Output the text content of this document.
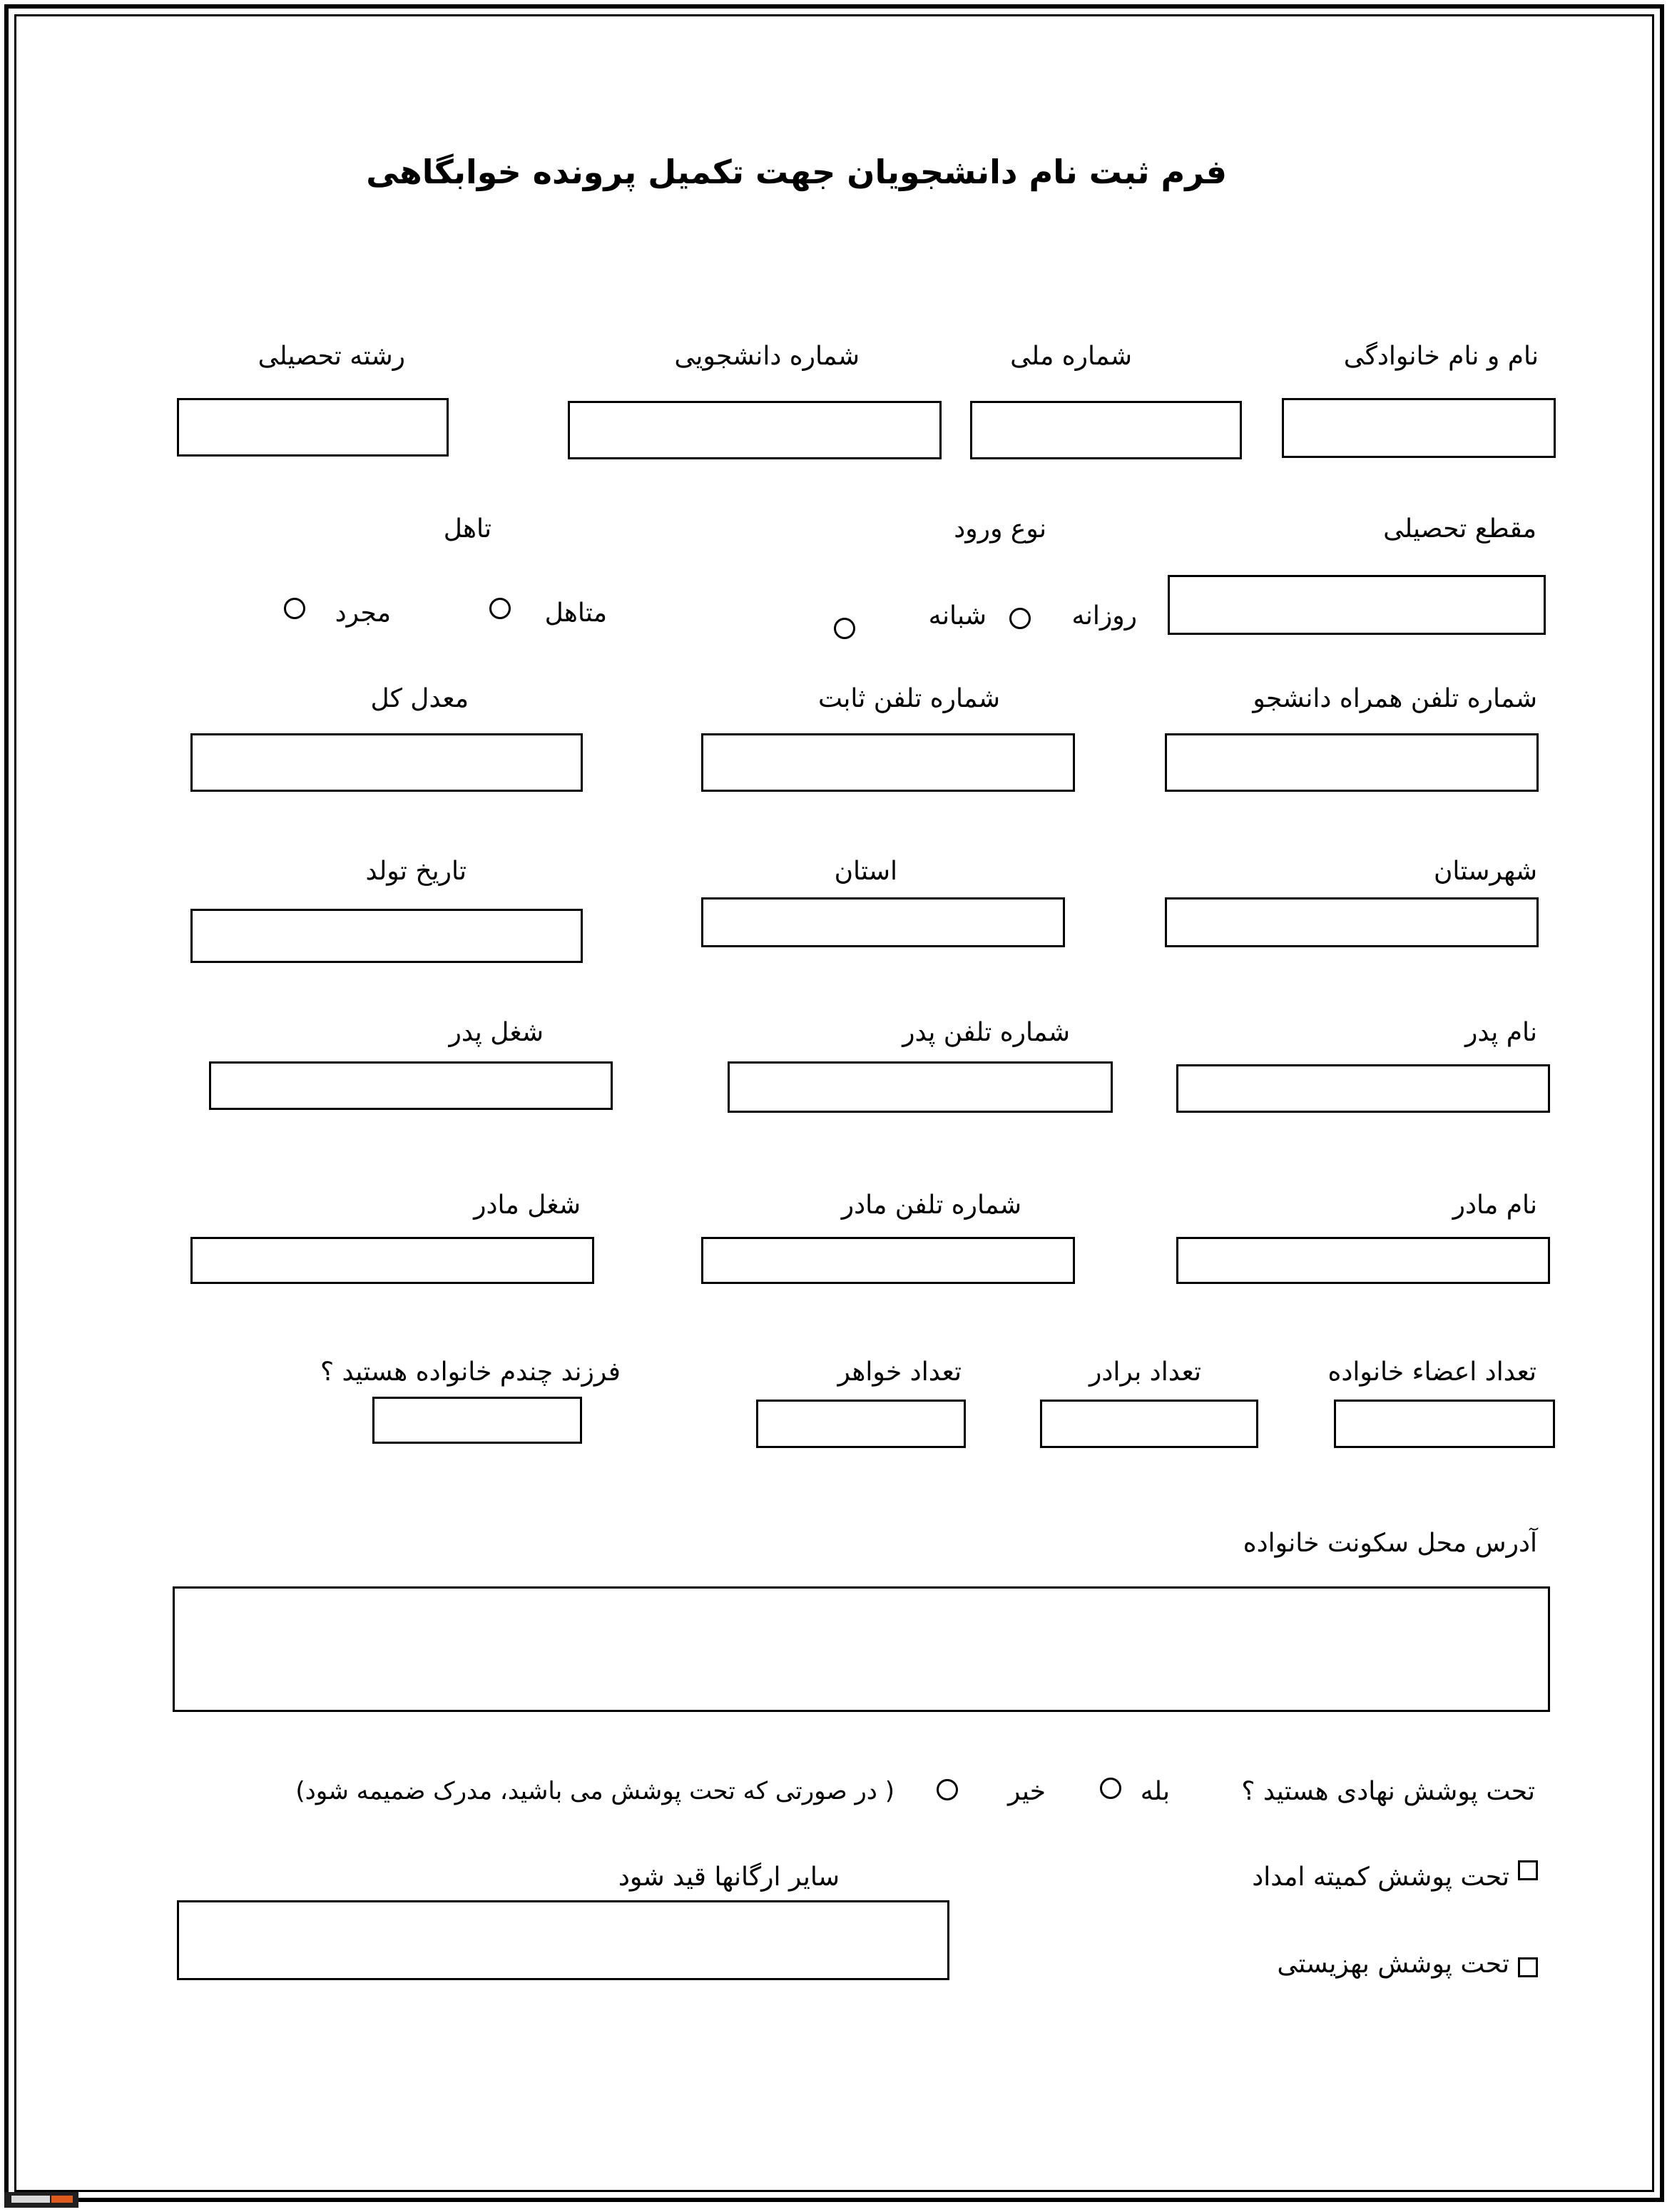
فرم ثبت نام دانشجویان جهت تکمیل پرونده خوابگاهی
نام و نام خانوادگی
شماره ملی
شماره دانشجویی
رشته تحصیلی
مقطع تحصیلی
نوع ورود
روزانه
شبانه
تاهل
متاهل
مجرد
شماره تلفن همراه دانشجو
شماره تلفن ثابت
معدل کل
شهرستان
استان
تاریخ تولد
نام پدر
شماره تلفن پدر
شغل پدر
نام مادر
شماره تلفن مادر
شغل مادر
تعداد اعضاء خانواده
تعداد برادر
تعداد خواهر
فرزند چندم خانواده هستید ؟
آدرس محل سکونت خانواده
تحت پوشش نهادی هستید ؟
بله
خیر
( در صورتی که تحت پوشش می باشید، مدرک ضمیمه شود)
تحت پوشش کمیته امداد
سایر ارگانها قید شود
تحت پوشش بهزیستی
